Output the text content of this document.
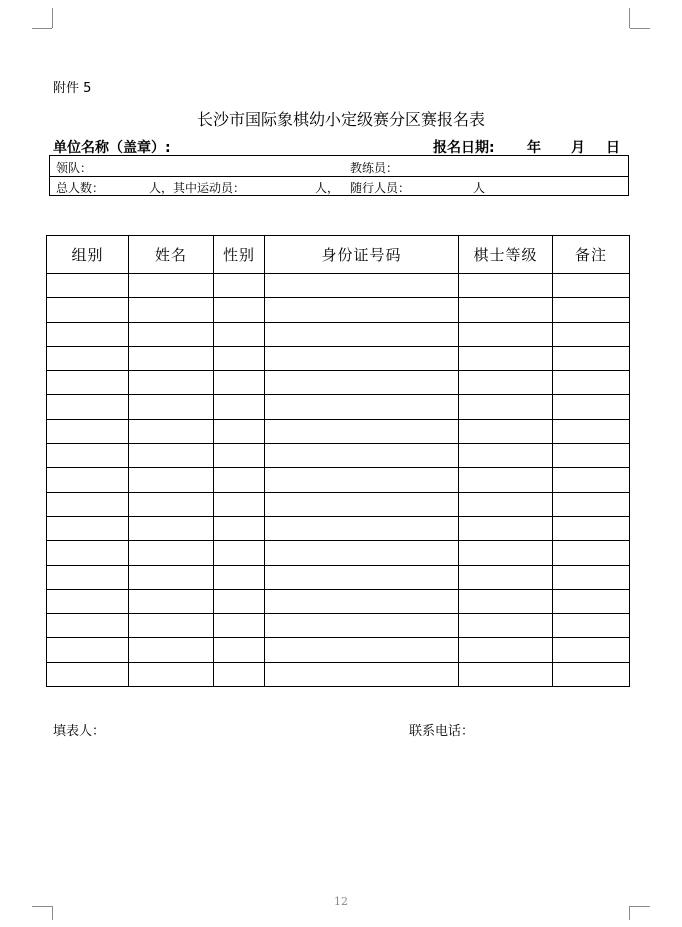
附件 5
长沙市国际象棋幼小定级赛分区赛报名表
单位名称（盖章）:	报名日期: 年 月 日
领队：	教练员：
总人数：	人，其中运动员：	人， 随行人员：	人
组别	姓名	性别	身份证号码	棋士等级	备注

填表人：	联系电话：
12
